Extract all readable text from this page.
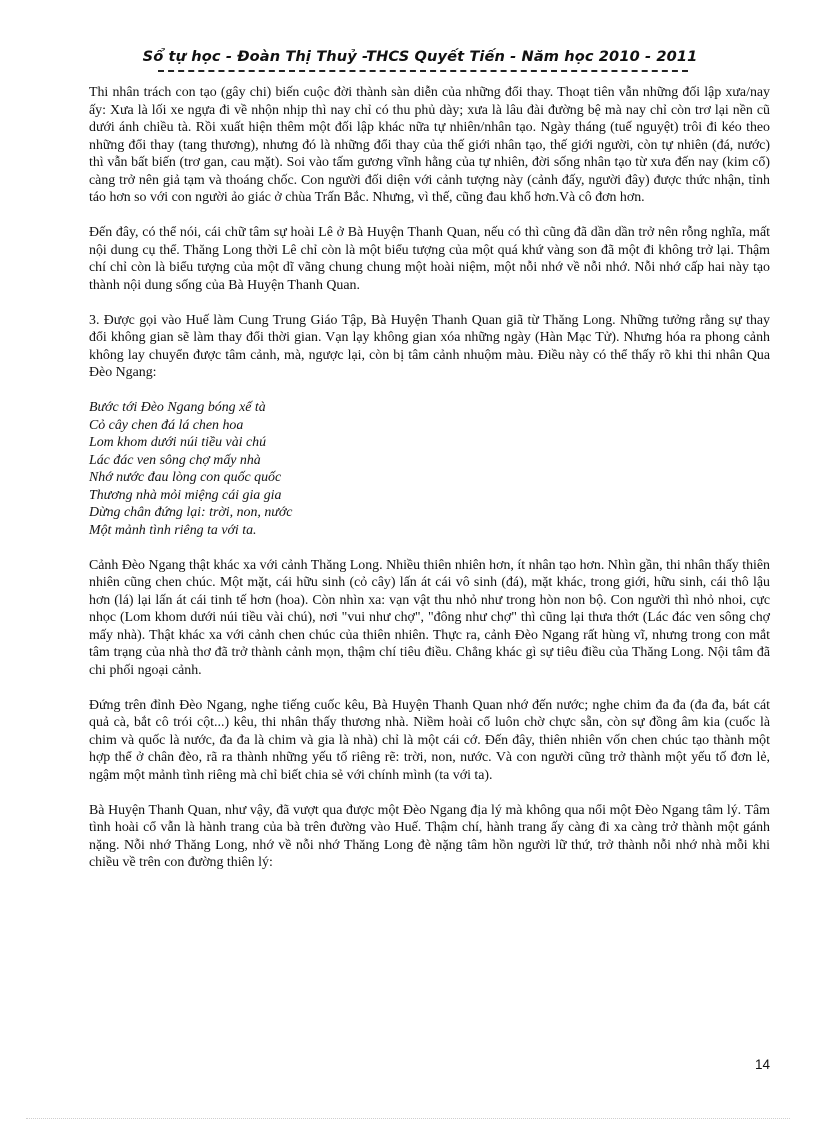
Sổ tự học - Đoàn Thị Thuỷ -THCS Quyết Tiến - Năm học 2010 - 2011

Thi nhân trách con tạo (gây chi) biến cuộc đời thành sàn diễn của những đổi thay. Thoạt tiên vẫn những đối lập xưa/nay ấy: Xưa là lối xe ngựa đi về nhộn nhịp thì nay chỉ có thu phủ dày; xưa là lâu đài đường bệ mà nay chỉ còn trơ lại nền cũ dưới ánh chiều tà. Rồi xuất hiện thêm một đối lập khác nữa tự nhiên/nhân tạo. Ngày tháng (tuế nguyệt) trôi đi kéo theo những đổi thay (tang thương), nhưng đó là những đổi thay của thế giới nhân tạo, thế giới người, còn tự nhiên (đá, nước) thì vẫn bất biến (trơ gan, cau mặt). Soi vào tấm gương vĩnh hằng của tự nhiên, đời sống nhân tạo từ xưa đến nay (kim cổ) càng trở nên giả tạm và thoáng chốc. Con người đối diện với cảnh tượng này (cảnh đấy, người đây) được thức nhận, tỉnh táo hơn so với con người ảo giác ở chùa Trấn Bắc. Nhưng, vì thế, cũng đau khổ hơn.Và cô đơn hơn.

Đến đây, có thể nói, cái chữ tâm sự hoài Lê ở Bà Huyện Thanh Quan, nếu có thì cũng đã dần dần trở nên rỗng nghĩa, mất nội dung cụ thể. Thăng Long thời Lê chỉ còn là một biểu tượng của một quá khứ vàng son đã một đi không trở lại. Thậm chí chỉ còn là biểu tượng của một dĩ vãng chung chung một hoài niệm, một nỗi nhớ về nỗi nhớ. Nỗi nhớ cấp hai này tạo thành nội dung sống của Bà Huyện Thanh Quan.

3. Được gọi vào Huế làm Cung Trung Giáo Tập, Bà Huyện Thanh Quan giã từ Thăng Long. Những tưởng rằng sự thay đổi không gian sẽ làm thay đổi thời gian. Vạn lạy không gian xóa những ngày (Hàn Mạc Tử). Nhưng hóa ra phong cảnh không lay chuyển được tâm cảnh, mà, ngược lại, còn bị tâm cảnh nhuộm màu. Điều này có thể thấy rõ khi thi nhân Qua Đèo Ngang:

Bước tới Đèo Ngang bóng xế tà
Cỏ cây chen đá lá chen hoa
Lom khom dưới núi tiều vài chú
Lác đác ven sông chợ mấy nhà
Nhớ nước đau lòng con quốc quốc
Thương nhà mỏi miệng cái gia gia
Dừng chân đứng lại: trời, non, nước
Một mảnh tình riêng ta với ta.

Cảnh Đèo Ngang thật khác xa với cảnh Thăng Long. Nhiều thiên nhiên hơn, ít nhân tạo hơn. Nhìn gần, thi nhân thấy thiên nhiên cũng chen chúc. Một mặt, cái hữu sinh (cỏ cây) lấn át cái vô sinh (đá), mặt khác, trong giới, hữu sinh, cái thô lậu hơn (lá) lại lấn át cái tinh tế hơn (hoa). Còn nhìn xa: vạn vật thu nhỏ như trong hòn non bộ. Con người thì nhỏ nhoi, cực nhọc (Lom khom dưới núi tiều vài chú), nơi "vui như chợ", "đông như chợ" thì cũng lại thưa thớt (Lác đác ven sông chợ mấy nhà). Thật khác xa với cảnh chen chúc của thiên nhiên. Thực ra, cảnh Đèo Ngang rất hùng vĩ, nhưng trong con mắt tâm trạng của nhà thơ đã trở thành cảnh mọn, thậm chí tiêu điều. Chẳng khác gì sự tiêu điều của Thăng Long. Nội tâm đã chi phối ngoại cảnh.

Đứng trên đỉnh Đèo Ngang, nghe tiếng cuốc kêu, Bà Huyện Thanh Quan nhớ đến nước; nghe chim đa đa (đa đa, bát cát quả cà, bắt cô trói cột...) kêu, thi nhân thấy thương nhà. Niềm hoài cổ luôn chờ chực sẵn, còn sự đồng âm kia (cuốc là chim và quốc là nước, đa đa là chim và gia là nhà) chỉ là một cái cớ. Đến đây, thiên nhiên vốn chen chúc tạo thành một hợp thể ở chân đèo, rã ra thành những yếu tố riêng rẽ: trời, non, nước. Và con người cũng trở thành một yếu tố đơn lẻ, ngậm một mảnh tình riêng mà chỉ biết chia sẻ với chính mình (ta với ta).

Bà Huyện Thanh Quan, như vậy, đã vượt qua được một Đèo Ngang địa lý mà không qua nổi một Đèo Ngang tâm lý. Tâm tình hoài cổ vẫn là hành trang của bà trên đường vào Huế. Thậm chí, hành trang ấy càng đi xa càng trở thành một gánh nặng. Nỗi nhớ Thăng Long, nhớ về nỗi nhớ Thăng Long đè nặng tâm hồn người lữ thứ, trở thành nỗi nhớ nhà mỗi khi chiều về trên con đường thiên lý:

14
